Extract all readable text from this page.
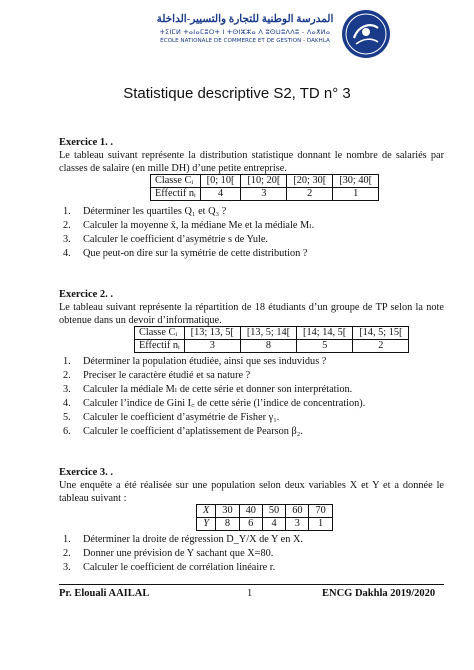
المدرسة الوطنية للتجارة والتسيير-الداخلة
ⵜⵉⵏⵎⵍ ⵜⴰⵏⴰⵎⵓⵔⵜ ⵏ ⵜⵙⵏⵣⵣⴰ ⴷ ⵓⵙⵡⵓⴷⴷⵓ - ⴷⴰⵅⵍⴰ
ÉCOLE NATIONALE DE COMMERCE ET DE GESTION - DAKHLA
Statistique descriptive S2, TD n° 3
Exercice 1. .
Le tableau suivant représente la distribution statistique donnant le nombre de salariés par classes de salaire (en mille DH) d’une petite entreprise.
Classe Cᵢ	[0; 10[	[10; 20[	[20; 30[	[30; 40[
Effectif nᵢ	4	3	2	1
1. Déterminer les quartiles Q₁ et Q₃ ?
2. Calculer la moyenne x̄, la médiane Me et la médiale Mₗ.
3. Calculer le coefficient d’asymétrie s de Yule.
4. Que peut-on dire sur la symétrie de cette distribution ?
Exercice 2. .
Le tableau suivant représente la répartition de 18 étudiants d’un groupe de TP selon la note obtenue dans un devoir d’informatique.
Classe Cᵢ	[13; 13, 5[	[13, 5; 14[	[14; 14, 5[	[14, 5; 15[
Effectif nᵢ	3	8	5	2
1. Déterminer la population étudiée, ainsi que ses induvidus ?
2. Preciser le caractère étudié et sa nature ?
3. Calculer la médiale Mₗ de cette série et donner son interprétation.
4. Calculer l’indice de Gini I꜀ de cette série (l’indice de concentration).
5. Calculer le coefficient d’asymétrie de Fisher γ₁.
6. Calculer le coefficient d’aplatissement de Pearson β₂.
Exercice 3. .
Une enquête a été réalisée sur une population selon deux variables X et Y et a donnée le tableau suivant :
X	30	40	50	60	70
Y	8	6	4	3	1
1. Déterminer la droite de régression D_Y/X de Y en X.
2. Donner une prévision de Y sachant que X=80.
3. Calculer le coefficient de corrélation linéaire r.
Pr. Elouali AAILAL	1	ENCG Dakhla 2019/2020
